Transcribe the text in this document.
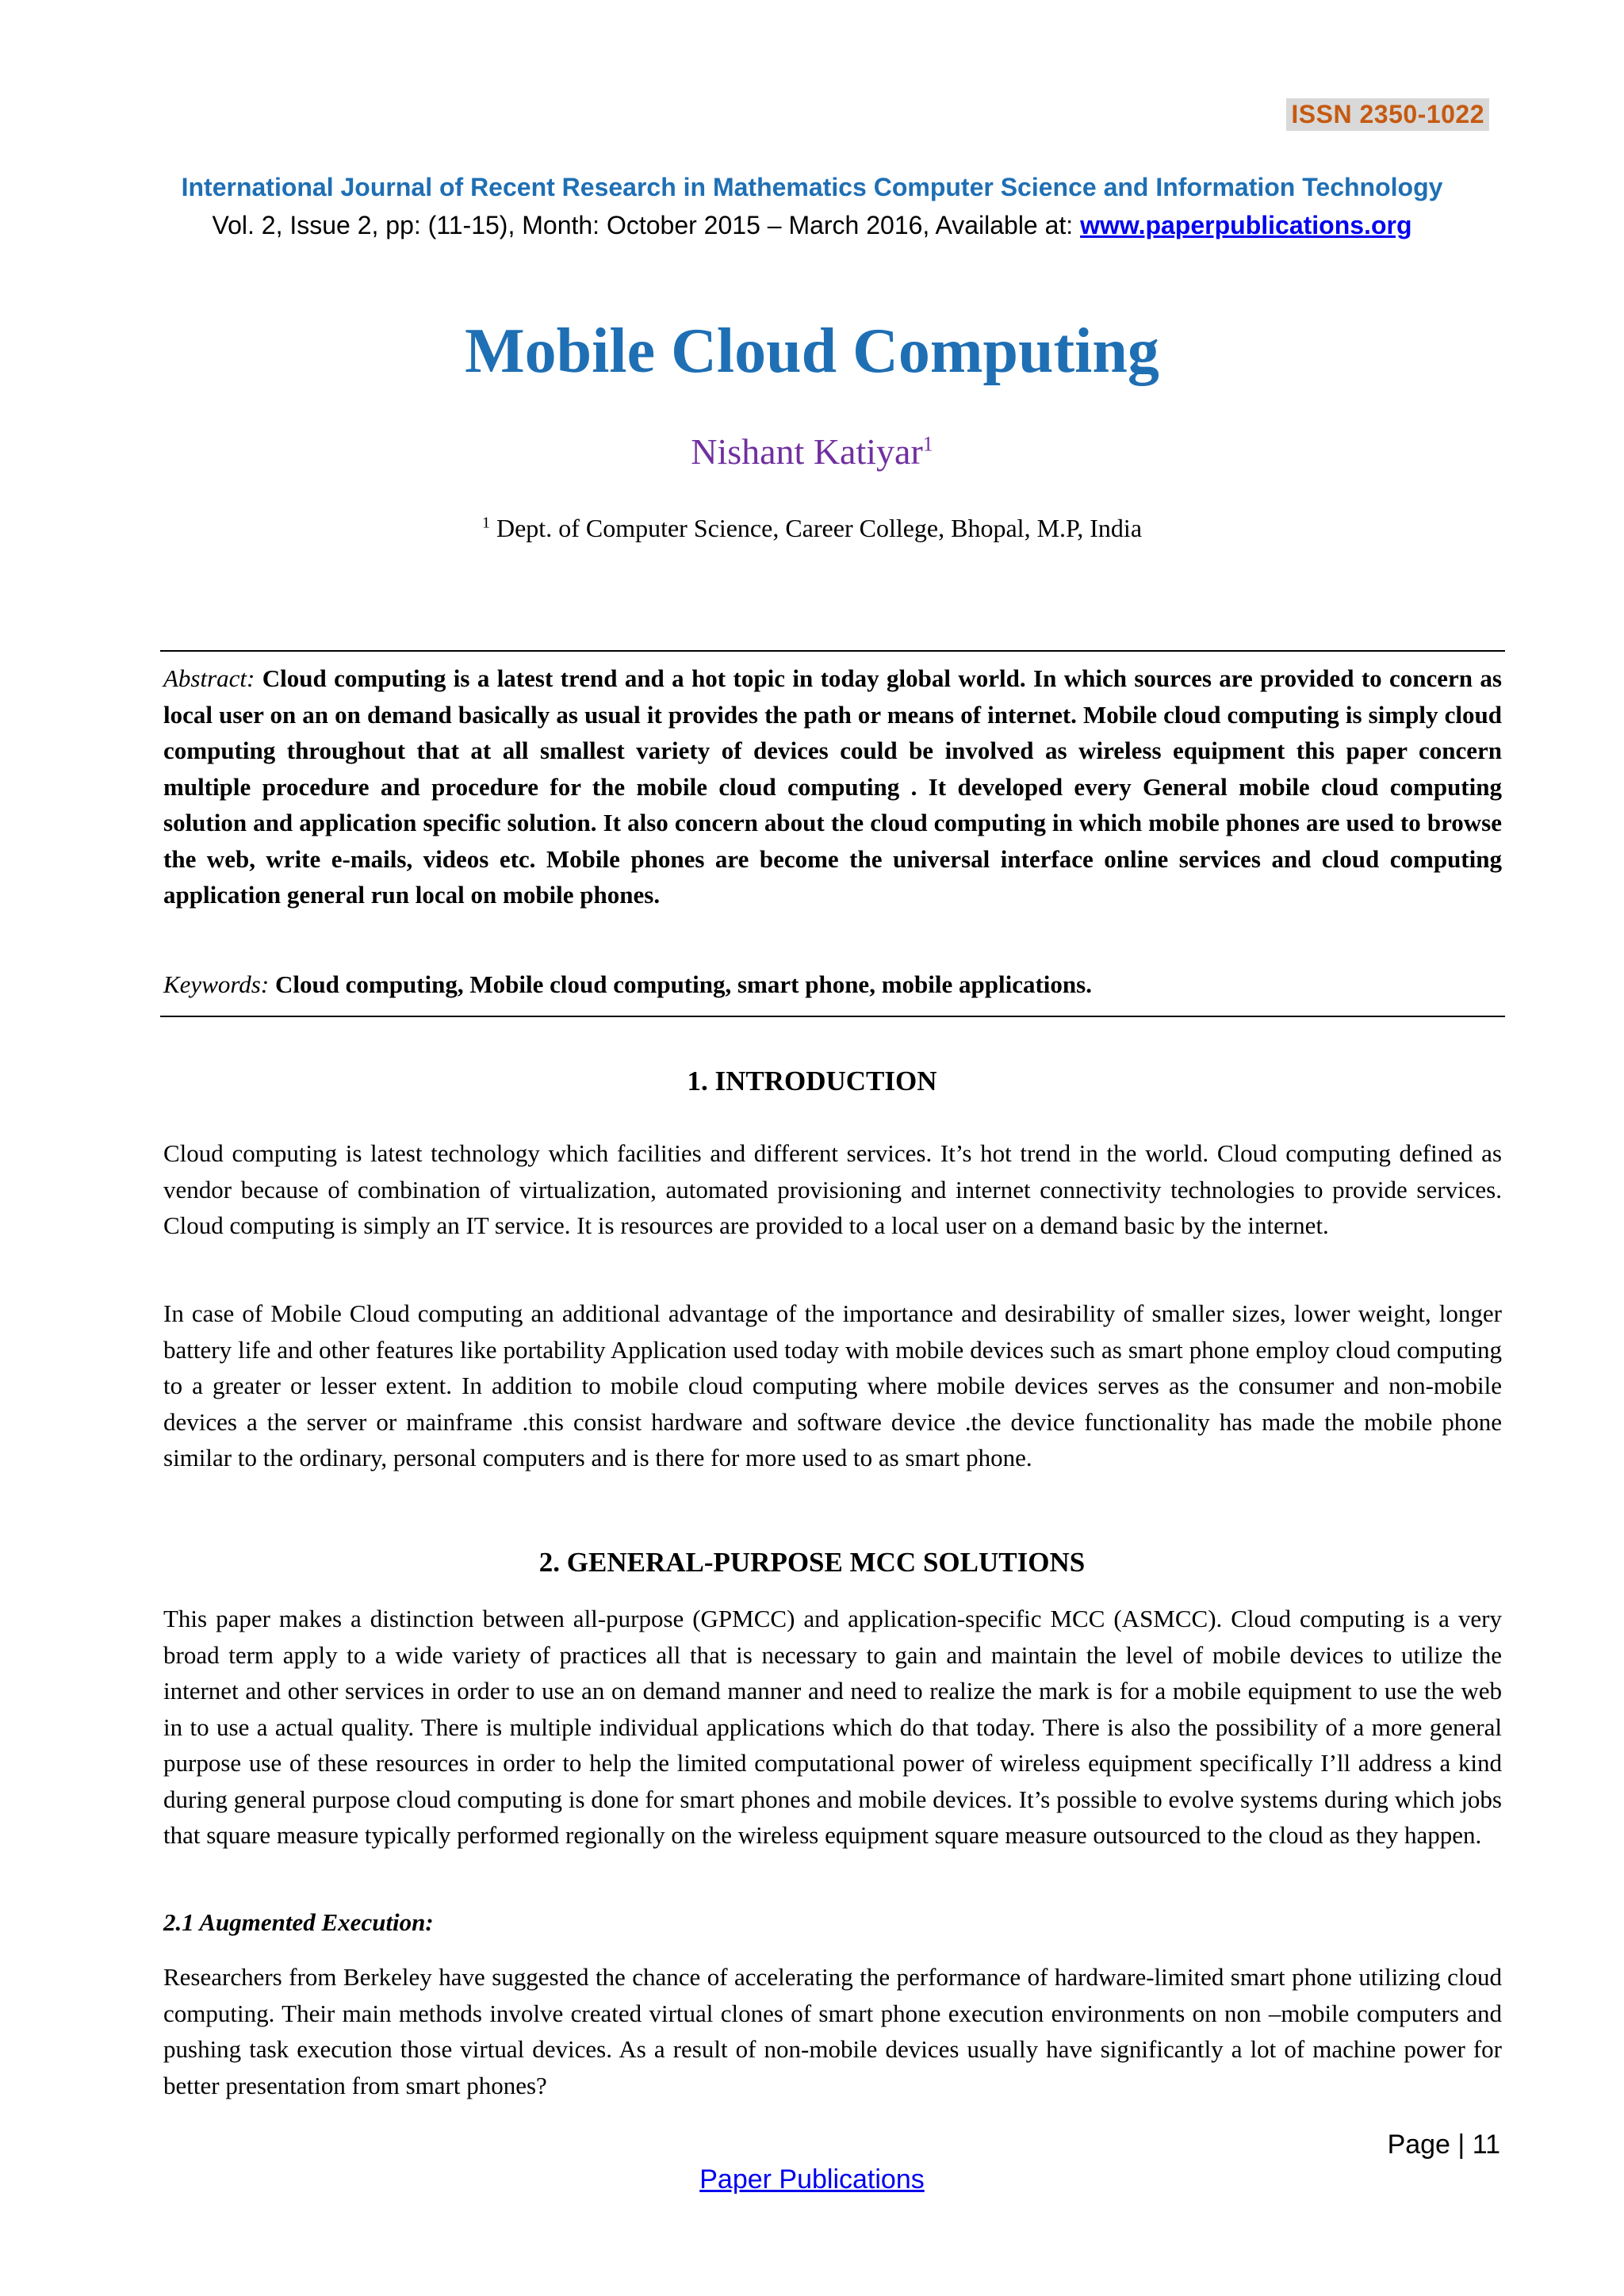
ISSN 2350-1022
International Journal of Recent Research in Mathematics Computer Science and Information Technology
Vol. 2, Issue 2, pp: (11-15), Month: October 2015 – March 2016, Available at: www.paperpublications.org
Mobile Cloud Computing
Nishant Katiyar$^1$
$^1$ Dept. of Computer Science, Career College, Bhopal, M.P, India
Abstract: Cloud computing is a latest trend and a hot topic in today global world. In which sources are provided to concern as local user on an on demand basically as usual it provides the path or means of internet. Mobile cloud computing is simply cloud computing throughout that at all smallest variety of devices could be involved as wireless equipment this paper concern multiple procedure and procedure for the mobile cloud computing . It developed every General mobile cloud computing solution and application specific solution. It also concern about the cloud computing in which mobile phones are used to browse the web, write e-mails, videos etc. Mobile phones are become the universal interface online services and cloud computing application general run local on mobile phones.
Keywords: Cloud computing, Mobile cloud computing, smart phone, mobile applications.
1. INTRODUCTION
Cloud computing is latest technology which facilities and different services. It’s hot trend in the world. Cloud computing defined as vendor because of combination of virtualization, automated provisioning and internet connectivity technologies to provide services. Cloud computing is simply an IT service. It is resources are provided to a local user on a demand basic by the internet.
In case of Mobile Cloud computing an additional advantage of the importance and desirability of smaller sizes, lower weight, longer battery life and other features like portability Application used today with mobile devices such as smart phone employ cloud computing to a greater or lesser extent. In addition to mobile cloud computing where mobile devices serves as the consumer and non-mobile devices a the server or mainframe .this consist hardware and software device .the device functionality has made the mobile phone similar to the ordinary, personal computers and is there for more used to as smart phone.
2. GENERAL-PURPOSE MCC SOLUTIONS
This paper makes a distinction between all-purpose (GPMCC) and application-specific MCC (ASMCC). Cloud computing is a very broad term apply to a wide variety of practices all that is necessary to gain and maintain the level of mobile devices to utilize the internet and other services in order to use an on demand manner and need to realize the mark is for a mobile equipment to use the web in to use a actual quality. There is multiple individual applications which do that today. There is also the possibility of a more general purpose use of these resources in order to help the limited computational power of wireless equipment specifically I’ll address a kind during general purpose cloud computing is done for smart phones and mobile devices. It’s possible to evolve systems during which jobs that square measure typically performed regionally on the wireless equipment square measure outsourced to the cloud as they happen.
2.1 Augmented Execution:
Researchers from Berkeley have suggested the chance of accelerating the performance of hardware-limited smart phone utilizing cloud computing. Their main methods involve created virtual clones of smart phone execution environments on non –mobile computers and pushing task execution those virtual devices. As a result of non-mobile devices usually have significantly a lot of machine power for better presentation from smart phones?
Page | 11
Paper Publications
